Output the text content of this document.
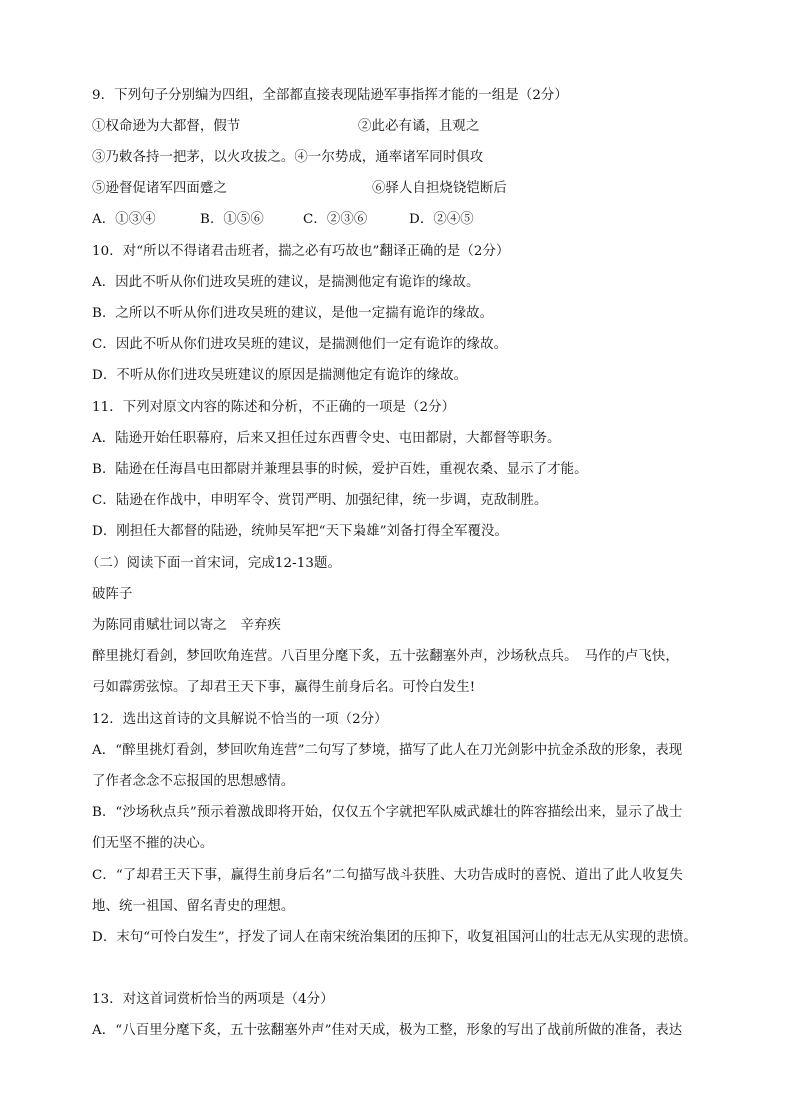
9．下列句子分别编为四组，全部都直接表现陆逊军事指挥才能的一组是（2分）
①权命逊为大都督，假节	②此必有谲，且观之
③乃敕各持一把茅，以火攻拔之。④一尔势成，通率诸军同时俱攻
⑤逊督促诸军四面蹙之	⑥驿人自担烧铙铠断后
A．①③④	B．①⑤⑥	C．②③⑥	D．②④⑤
10．对“所以不得诸君击班者，揣之必有巧故也”翻译正确的是（2分）
A．因此不听从你们进攻吴班的建议，是揣测他定有诡诈的缘故。
B．之所以不听从你们进攻吴班的建议，是他一定揣有诡诈的缘故。
C．因此不听从你们进攻吴班的建议，是揣测他们一定有诡诈的缘故。
D．不听从你们进攻吴班建议的原因是揣测他定有诡诈的缘故。
11．下列对原文内容的陈述和分析，不正确的一项是（2分）
A．陆逊开始任职幕府，后来又担任过东西曹令史、屯田都尉，大都督等职务。
B．陆逊在任海昌屯田都尉并兼理县事的时候，爱护百姓，重视农桑、显示了才能。
C．陆逊在作战中，申明军令、赏罚严明、加强纪律，统一步调，克敌制胜。
D．刚担任大都督的陆逊，统帅吴军把“天下枭雄”刘备打得全军覆没。
（二）阅读下面一首宋词，完成12-13题。
破阵子
为陈同甫赋壮词以寄之　辛弃疾
醉里挑灯看剑，梦回吹角连营。八百里分麾下炙，五十弦翻塞外声，沙场秋点兵。　马作的卢飞快，
弓如霹雳弦惊。了却君王天下事，赢得生前身后名。可怜白发生!
12．选出这首诗的文具解说不恰当的一项（2分）
A．“醉里挑灯看剑，梦回吹角连营”二句写了梦境，描写了此人在刀光剑影中抗金杀敌的形象，表现
了作者念念不忘报国的思想感情。
B．“沙场秋点兵”预示着激战即将开始，仅仅五个字就把军队威武雄壮的阵容描绘出来，显示了战士
们无坚不摧的决心。
C．“了却君王天下事，赢得生前身后名”二句描写战斗获胜、大功告成时的喜悦、道出了此人收复失
地、统一祖国、留名青史的理想。
D．末句“可怜白发生”，抒发了词人在南宋统治集团的压抑下，收复祖国河山的壮志无从实现的悲愤。
13．对这首词赏析恰当的两项是（4分）
A．“八百里分麾下炙，五十弦翻塞外声”佳对天成，极为工整，形象的写出了战前所做的准备，表达
